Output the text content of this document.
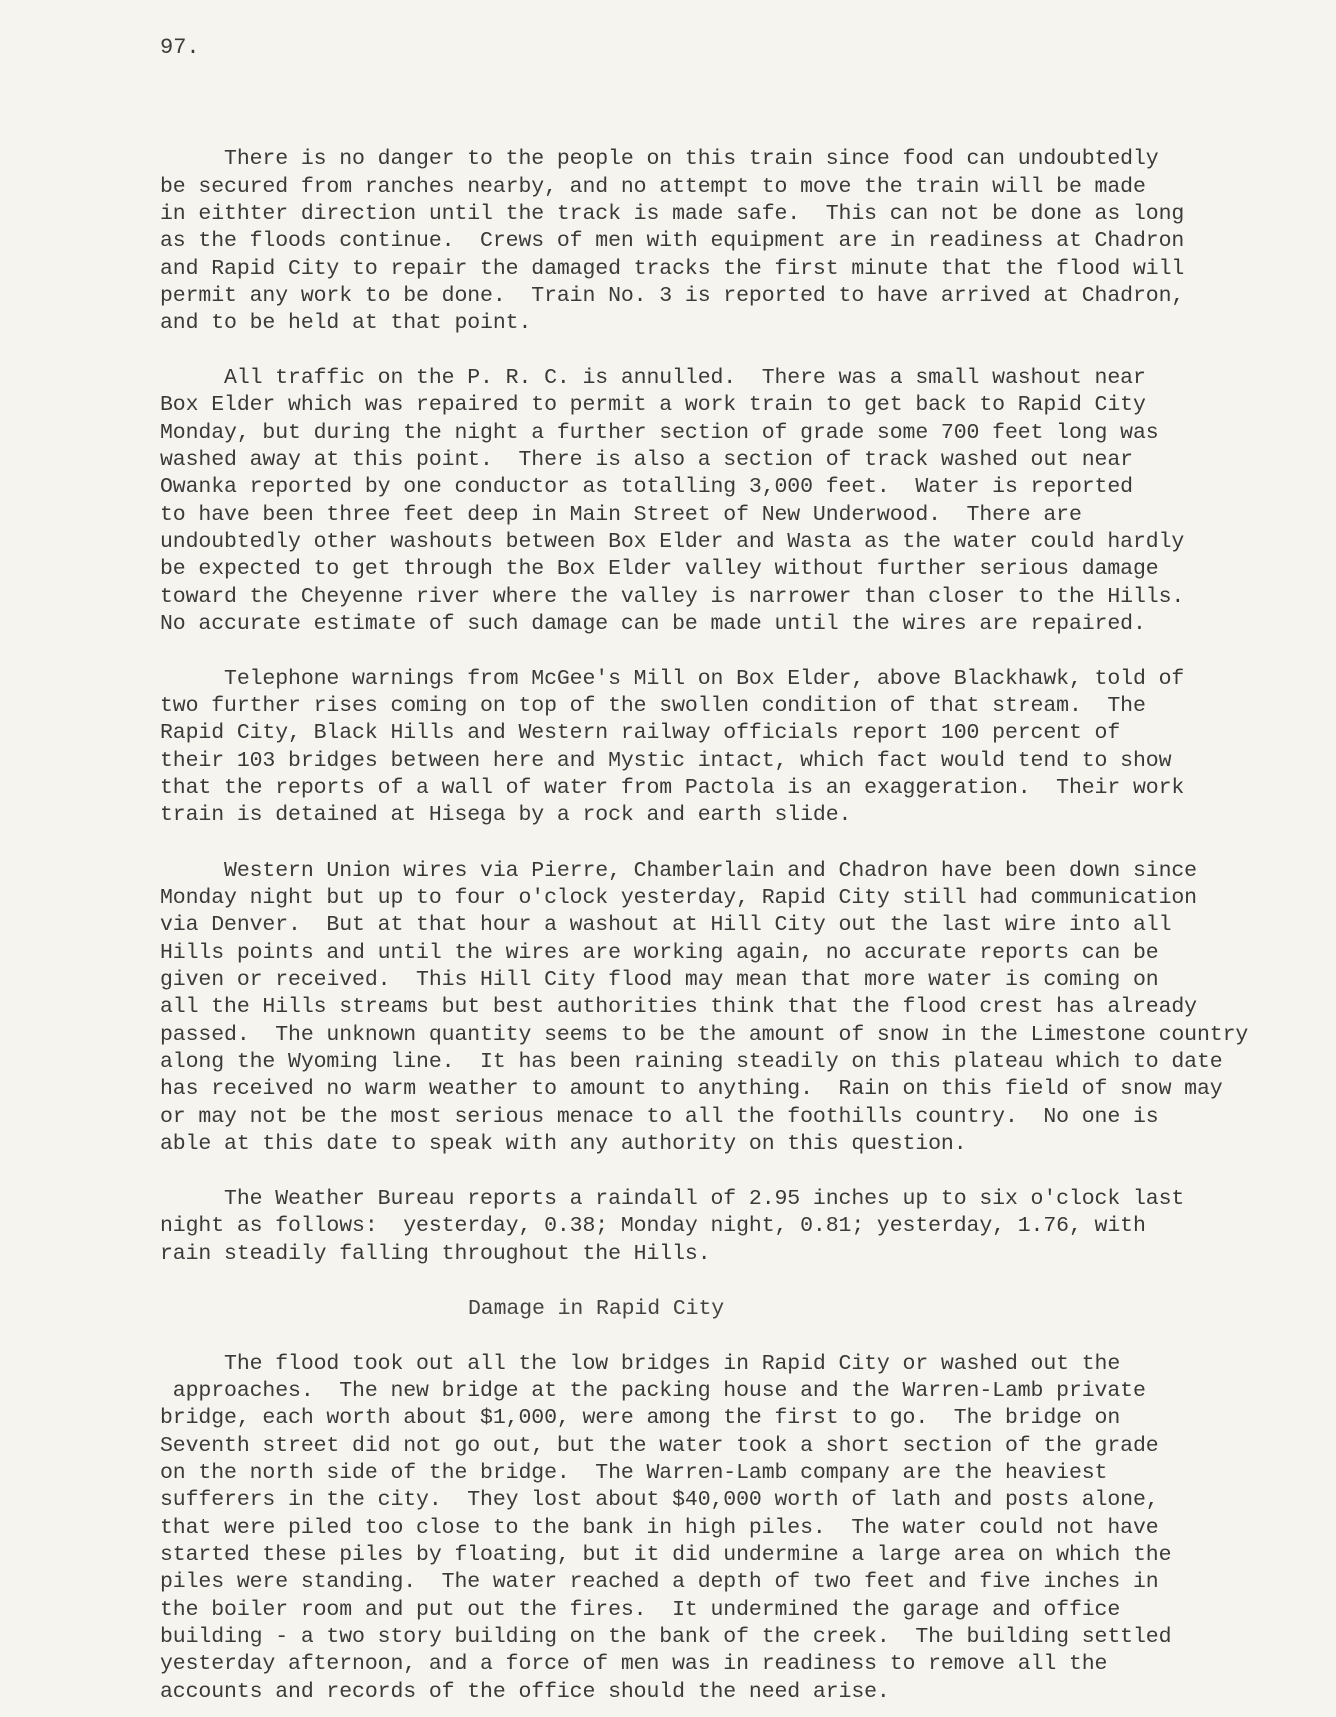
97.

There is no danger to the people on this train since food can undoubtedly

be secured from ranches nearby, and no attempt to move the train will be made

in eithter direction until the track is made safe.  This can not be done as long

as the floods continue.  Crews of men with equipment are in readiness at Chadron

and Rapid City to repair the damaged tracks the first minute that the flood will

permit any work to be done.  Train No. 3 is reported to have arrived at Chadron,

and to be held at that point.

All traffic on the P. R. C. is annulled.  There was a small washout near

Box Elder which was repaired to permit a work train to get back to Rapid City

Monday, but during the night a further section of grade some 700 feet long was

washed away at this point.  There is also a section of track washed out near

Owanka reported by one conductor as totalling 3,000 feet.  Water is reported

to have been three feet deep in Main Street of New Underwood.  There are

undoubtedly other washouts between Box Elder and Wasta as the water could hardly

be expected to get through the Box Elder valley without further serious damage

toward the Cheyenne river where the valley is narrower than closer to the Hills.

No accurate estimate of such damage can be made until the wires are repaired.

Telephone warnings from McGee's Mill on Box Elder, above Blackhawk, told of

two further rises coming on top of the swollen condition of that stream.  The

Rapid City, Black Hills and Western railway officials report 100 percent of

their 103 bridges between here and Mystic intact, which fact would tend to show

that the reports of a wall of water from Pactola is an exaggeration.  Their work

train is detained at Hisega by a rock and earth slide.

Western Union wires via Pierre, Chamberlain and Chadron have been down since

Monday night but up to four o'clock yesterday, Rapid City still had communication

via Denver.  But at that hour a washout at Hill City out the last wire into all

Hills points and until the wires are working again, no accurate reports can be

given or received.  This Hill City flood may mean that more water is coming on

all the Hills streams but best authorities think that the flood crest has already

passed.  The unknown quantity seems to be the amount of snow in the Limestone country

along the Wyoming line.  It has been raining steadily on this plateau which to date

has received no warm weather to amount to anything.  Rain on this field of snow may

or may not be the most serious menace to all the foothills country.  No one is

able at this date to speak with any authority on this question.

The Weather Bureau reports a raindall of 2.95 inches up to six o'clock last

night as follows:  yesterday, 0.38; Monday night, 0.81; yesterday, 1.76, with

rain steadily falling throughout the Hills.

Damage in Rapid City

The flood took out all the low bridges in Rapid City or washed out the

approaches.  The new bridge at the packing house and the Warren-Lamb private

bridge, each worth about $1,000, were among the first to go.  The bridge on

Seventh street did not go out, but the water took a short section of the grade

on the north side of the bridge.  The Warren-Lamb company are the heaviest

sufferers in the city.  They lost about $40,000 worth of lath and posts alone,

that were piled too close to the bank in high piles.  The water could not have

started these piles by floating, but it did undermine a large area on which the

piles were standing.  The water reached a depth of two feet and five inches in

the boiler room and put out the fires.  It undermined the garage and office

building - a two story building on the bank of the creek.  The building settled

yesterday afternoon, and a force of men was in readiness to remove all the

accounts and records of the office should the need arise.
